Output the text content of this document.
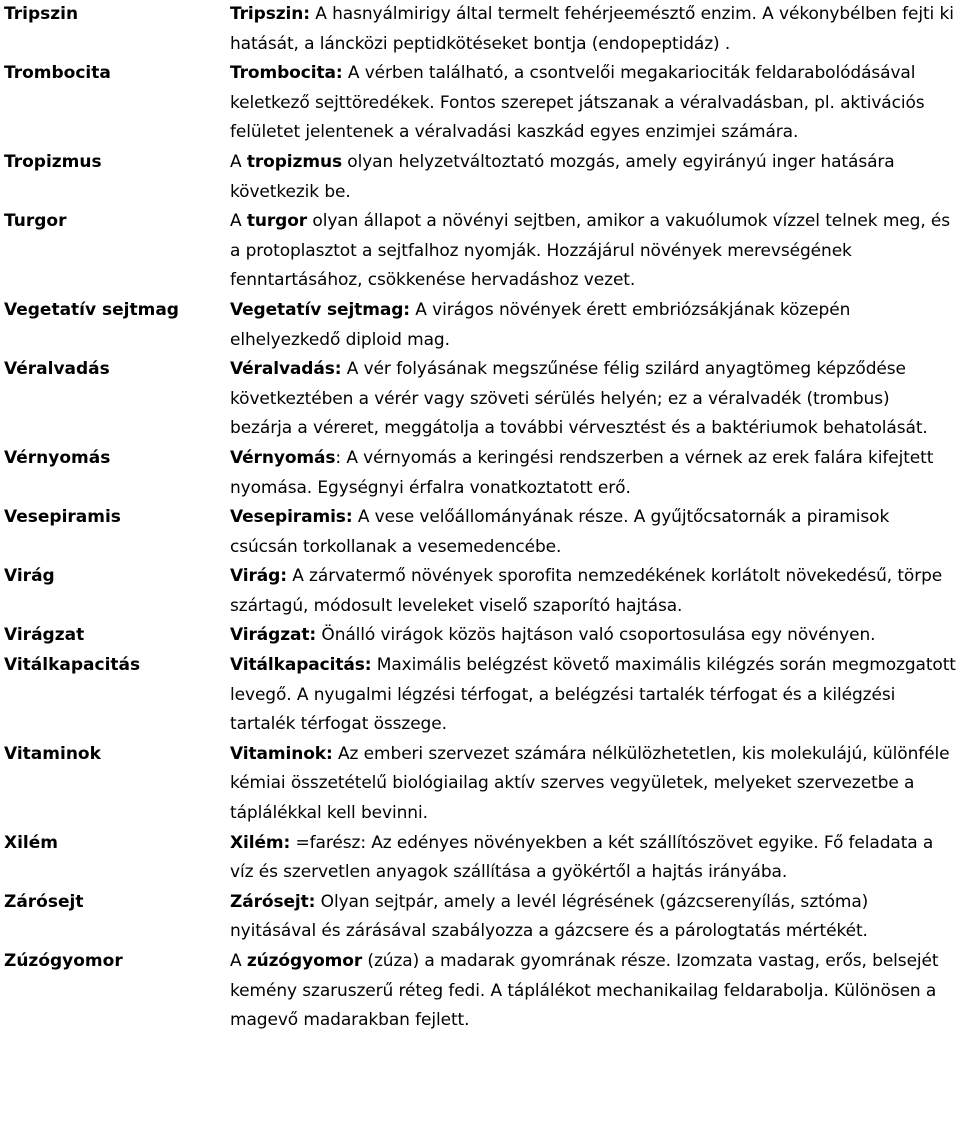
Tripszin	Tripszin: A hasnyálmirigy által termelt fehérjeemésztő enzim. A vékonybélben fejti ki hatását, a láncközi peptidkötéseket bontja (endopeptidáz) .
Trombocita	Trombocita: A vérben található, a csontvelői megakariociták feldarabolódásával keletkező sejttöredékek. Fontos szerepet játszanak a véralvadásban, pl. aktivációs felületet jelentenek a véralvadási kaszkád egyes enzimjei számára.
Tropizmus	A tropizmus olyan helyzetváltoztató mozgás, amely egyirányú inger hatására következik be.
Turgor	A turgor olyan állapot a növényi sejtben, amikor a vakuólumok vízzel telnek meg, és a protoplasztot a sejtfalhoz nyomják. Hozzájárul növények merevségének fenntartásához, csökkenése hervadáshoz vezet.
Vegetatív sejtmag	Vegetatív sejtmag: A virágos növények érett embriózsákjának közepén elhelyezkedő diploid mag.
Véralvadás	Véralvadás: A vér folyásának megszűnése félig szilárd anyagtömeg képződése következtében a vérér vagy szöveti sérülés helyén; ez a véralvadék (trombus) bezárja a véreret, meggátolja a további vérvesztést és a baktériumok behatolását.
Vérnyomás	Vérnyomás: A vérnyomás a keringési rendszerben a vérnek az erek falára kifejtett nyomása. Egységnyi érfalra vonatkoztatott erő.
Vesepiramis	Vesepiramis: A vese velőállományának része. A gyűjtőcsatornák a piramisok csúcsán torkollanak a vesemedencébe.
Virág	Virág: A zárvatermő növények sporofita nemzedékének korlátolt növekedésű, törpe szártagú, módosult leveleket viselő szaporító hajtása.
Virágzat	Virágzat: Önálló virágok közös hajtáson való csoportosulása egy növényen.
Vitálkapacitás	Vitálkapacitás: Maximális belégzést követő maximális kilégzés során megmozgatott levegő. A nyugalmi légzési térfogat, a belégzési tartalék térfogat és a kilégzési tartalék térfogat összege.
Vitaminok	Vitaminok: Az emberi szervezet számára nélkülözhetetlen, kis molekulájú, különféle kémiai összetételű biológiailag aktív szerves vegyületek, melyeket szervezetbe a táplálékkal kell bevinni.
Xilém	Xilém: =farész: Az edényes növényekben a két szállítószövet egyike. Fő feladata a víz és szervetlen anyagok szállítása a gyökértől a hajtás irányába.
Zárósejt	Zárósejt: Olyan sejtpár, amely a levél légrésének (gázcserenyílás, sztóma) nyitásával és zárásával szabályozza a gázcsere és a párologtatás mértékét.
Zúzógyomor	A zúzógyomor (zúza) a madarak gyomrának része. Izomzata vastag, erős, belsejét kemény szaruszerű réteg fedi. A táplálékot mechanikailag feldarabolja. Különösen a magevő madarakban fejlett.
